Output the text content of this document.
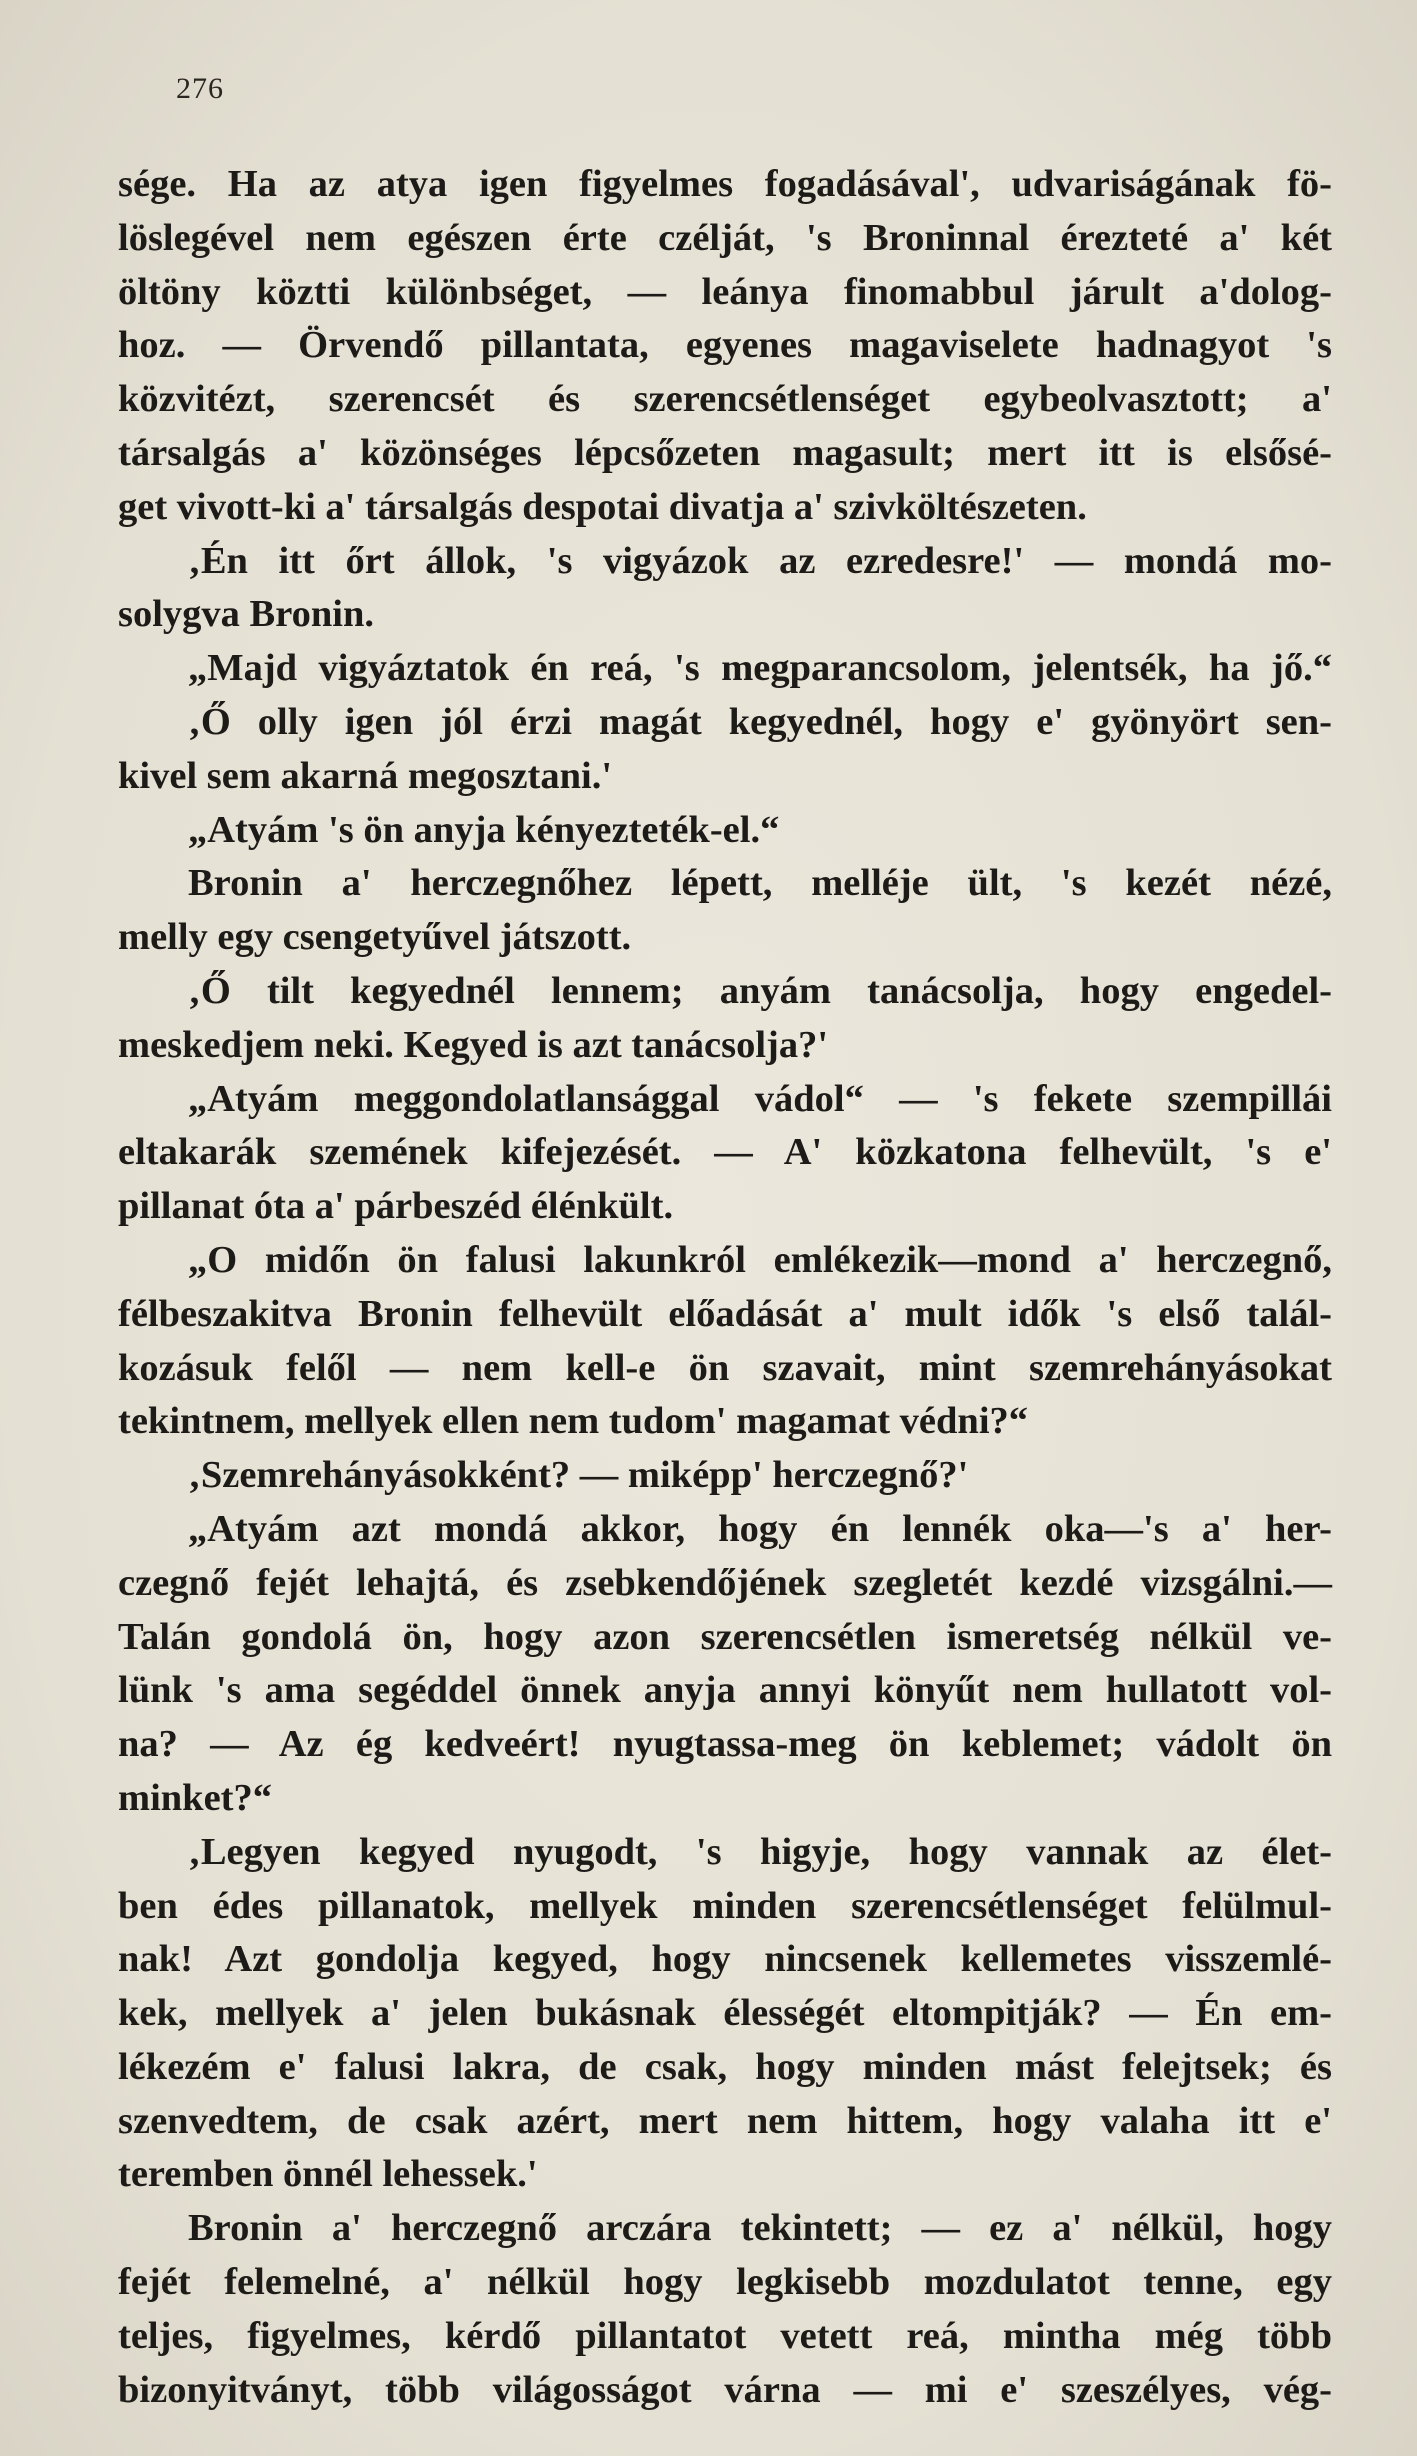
276
sége. Ha az atya igen figyelmes fogadásával', udvariságának fö-
löslegével nem egészen érte czélját, 's Broninnal érezteté a' két
öltöny köztti különbséget, — leánya finomabbul járult a'dolog-
hoz. — Örvendő pillantata, egyenes magaviselete hadnagyot 's
közvitézt, szerencsét és szerencsétlenséget egybeolvasztott; a'
társalgás a' közönséges lépcsőzeten magasult; mert itt is elsősé-
get vivott-ki a' társalgás despotai divatja a' szivköltészeten.
‚Én itt őrt állok, 's vigyázok az ezredesre!' — mondá mo-
solygva Bronin.
„Majd vigyáztatok én reá, 's megparancsolom, jelentsék, ha jő.“
‚Ő olly igen jól érzi magát kegyednél, hogy e' gyönyört sen-
kivel sem akarná megosztani.'
„Atyám 's ön anyja kényezteték-el.“
Bronin a' herczegnőhez lépett, melléje ült, 's kezét nézé,
melly egy csengetyűvel játszott.
‚Ő tilt kegyednél lennem; anyám tanácsolja, hogy engedel-
meskedjem neki. Kegyed is azt tanácsolja?'
„Atyám meggondolatlansággal vádol“ — 's fekete szempillái
eltakarák szemének kifejezését. — A' közkatona felhevült, 's e'
pillanat óta a' párbeszéd élénkült.
„O midőn ön falusi lakunkról emlékezik—mond a' herczegnő,
félbeszakitva Bronin felhevült előadását a' mult idők 's első talál-
kozásuk felől — nem kell-e ön szavait, mint szemrehányásokat
tekintnem, mellyek ellen nem tudom' magamat védni?“
‚Szemrehányásokként? — miképp' herczegnő?'
„Atyám azt mondá akkor, hogy én lennék oka—'s a' her-
czegnő fejét lehajtá, és zsebkendőjének szegletét kezdé vizsgálni.—
Talán gondolá ön, hogy azon szerencsétlen ismeretség nélkül ve-
lünk 's ama segéddel önnek anyja annyi könyűt nem hullatott vol-
na? — Az ég kedveért! nyugtassa-meg ön keblemet; vádolt ön
minket?“
‚Legyen kegyed nyugodt, 's higyje, hogy vannak az élet-
ben édes pillanatok, mellyek minden szerencsétlenséget felülmul-
nak! Azt gondolja kegyed, hogy nincsenek kellemetes visszemlé-
kek, mellyek a' jelen bukásnak élességét eltompitják? — Én em-
lékezém e' falusi lakra, de csak, hogy minden mást felejtsek; és
szenvedtem, de csak azért, mert nem hittem, hogy valaha itt e'
teremben önnél lehessek.'
Bronin a' herczegnő arczára tekintett; — ez a' nélkül, hogy
fejét felemelné, a' nélkül hogy legkisebb mozdulatot tenne, egy
teljes, figyelmes, kérdő pillantatot vetett reá, mintha még több
bizonyitványt, több világosságot várna — mi e' szeszélyes, vég-
